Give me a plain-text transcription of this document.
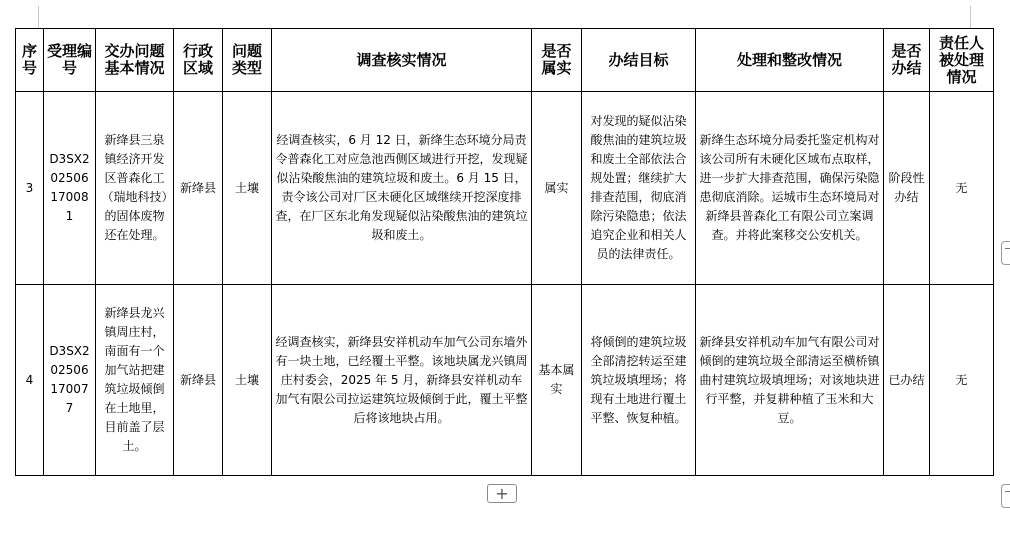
序号	受理编号	交办问题基本情况	行政区域	问题类型	调查核实情况	是否属实	办结目标	处理和整改情况	是否办结	责任人被处理情况
3	D3SX20250617008​1	新绛县三泉镇经济开发区普森化工（瑞地科技）的固体废物还在处理。	新绛县	土壤	经调查核实，6 月 12 日，新绛生态环境分局责令普森化工对应急池西侧区域进行开挖，发现疑似沾染酸焦油的建筑垃圾和废土。6 月 15 日，责令该公司对厂区未硬化区域继续开挖深度排查，在厂区东北角发现疑似沾染酸焦油的建筑垃圾和废土。	属实	对发现的疑似沾染酸焦油的建筑垃圾和废土全部依法合规处置；继续扩大排查范围，彻底消除污染隐患；依法追究企业和相关人员的法律责任。	新绛生态环境分局委托鉴定机构对该公司所有未硬化区域布点取样，进一步扩大排查范围，确保污染隐患彻底消除。运城市生态环境局对新绛县普森化工有限公司立案调查。并将此案移交公安机关。	阶段性办结	无
4	D3SX20250617007​7	新绛县龙兴镇周庄村，南面有一个加气站把建筑垃圾倾倒在土地里，目前盖了层土。	新绛县	土壤	经调查核实，新绛县安祥机动车加气公司东墙外有一块土地，已经覆土平整。该地块属龙兴镇周庄村委会，2025 年 5 月，新绛县安祥机动车加气有限公司拉运建筑垃圾倾倒于此，覆土平整后将该地块占用。	基本属实	将倾倒的建筑垃圾全部清挖转运至建筑垃圾填埋场；将现有土地进行覆土平整、恢复种植。	新绛县安祥机动车加气有限公司对倾倒的建筑垃圾全部清运至横桥镇曲村建筑垃圾填埋场；对该地块进行平整，并复耕种植了玉米和大豆。	已办结	无
+
